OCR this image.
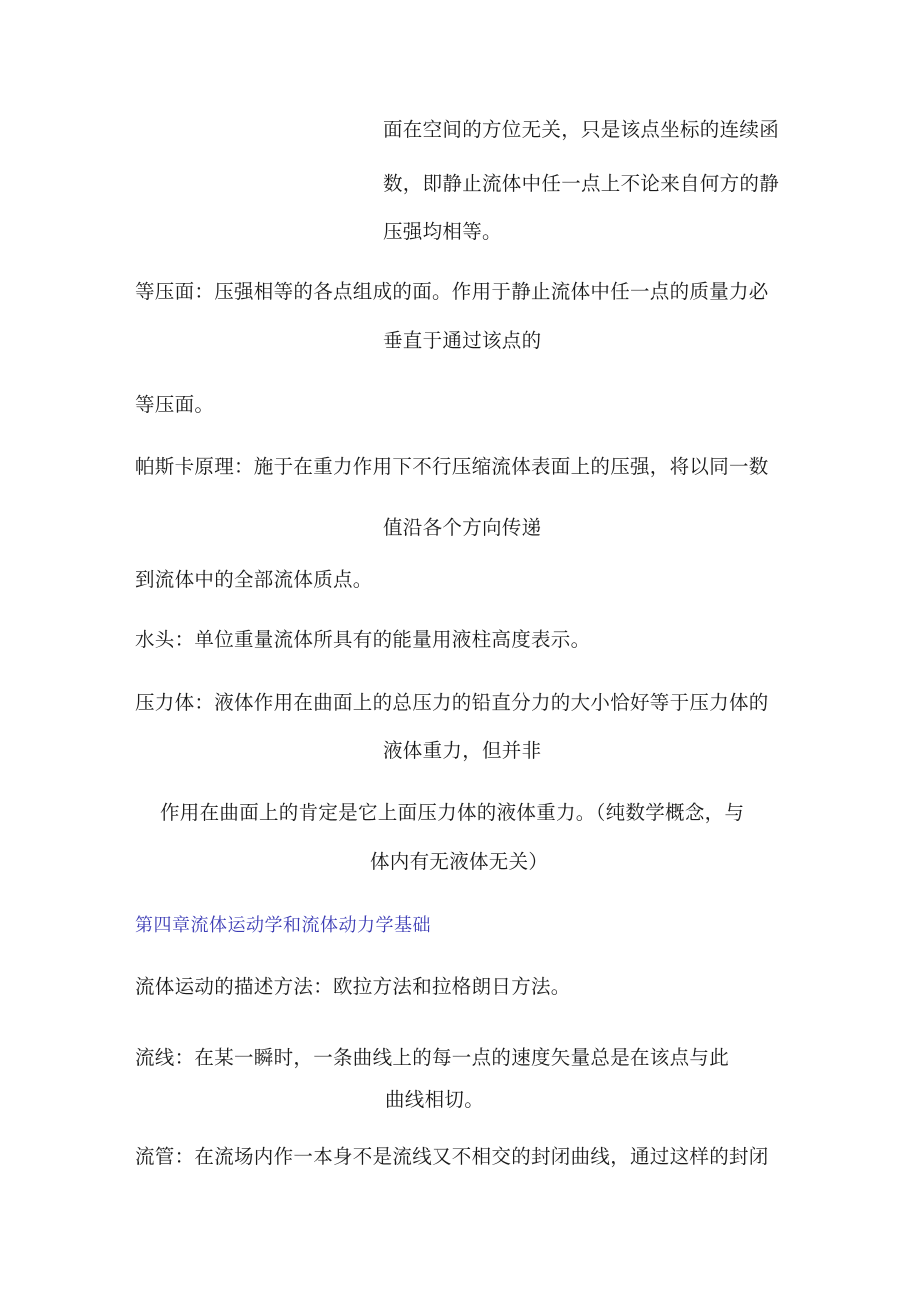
面在空间的方位无关，只是该点坐标的连续函
数，即静止流体中任一点上不论来自何方的静
压强均相等。
等压面：压强相等的各点组成的面。作用于静止流体中任一点的质量力必
垂直于通过该点的
等压面。
帕斯卡原理：施于在重力作用下不行压缩流体表面上的压强，将以同一数
值沿各个方向传递
到流体中的全部流体质点。
水头：单位重量流体所具有的能量用液柱高度表示。
压力体：液体作用在曲面上的总压力的铅直分力的大小恰好等于压力体的
液体重力，但并非
作用在曲面上的肯定是它上面压力体的液体重力。（纯数学概念，与
体内有无液体无关）
第四章流体运动学和流体动力学基础
流体运动的描述方法：欧拉方法和拉格朗日方法。
流线：在某一瞬时，一条曲线上的每一点的速度矢量总是在该点与此
曲线相切。
流管：在流场内作一本身不是流线又不相交的封闭曲线，通过这样的封闭
